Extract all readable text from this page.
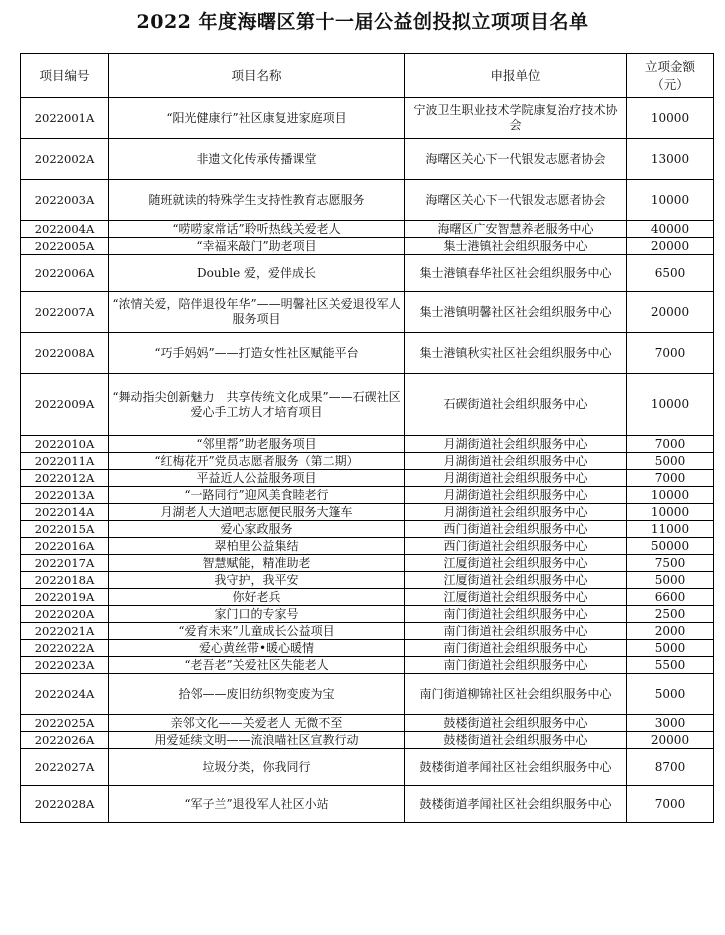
2022 年度海曙区第十一届公益创投拟立项项目名单
项目编号	项目名称	申报单位	立项金额
（元）
2022001A	“阳光健康行”社区康复进家庭项目	宁波卫生职业技术学院康复治疗技术协会	10000
2022002A	非遗文化传承传播课堂	海曙区关心下一代银发志愿者协会	13000
2022003A	随班就读的特殊学生支持性教育志愿服务	海曙区关心下一代银发志愿者协会	10000
2022004A	“唠唠家常话”聆听热线关爱老人	海曙区广安智慧养老服务中心	40000
2022005A	“幸福来敲门”助老项目	集士港镇社会组织服务中心	20000
2022006A	Double 爱，爱伴成长	集士港镇春华社区社会组织服务中心	6500
2022007A	“浓情关爱，陪伴退役年华”——明馨社区关爱退役军人服务项目	集士港镇明馨社区社会组织服务中心	20000
2022008A	“巧手妈妈”——打造女性社区赋能平台	集士港镇秋实社区社会组织服务中心	7000
2022009A	“舞动指尖创新魅力　共享传统文化成果”——石碶社区爱心手工坊人才培育项目	石碶街道社会组织服务中心	10000
2022010A	“邻里帮”助老服务项目	月湖街道社会组织服务中心	7000
2022011A	“红梅花开”党员志愿者服务（第二期）	月湖街道社会组织服务中心	5000
2022012A	平益近人公益服务项目	月湖街道社会组织服务中心	7000
2022013A	“一路同行”迎风美食睦老行	月湖街道社会组织服务中心	10000
2022014A	月湖老人大道吧志愿便民服务大篷车	月湖街道社会组织服务中心	10000
2022015A	爱心家政服务	西门街道社会组织服务中心	11000
2022016A	翠柏里公益集结	西门街道社会组织服务中心	50000
2022017A	智慧赋能，精准助老	江厦街道社会组织服务中心	7500
2022018A	我守护，我平安	江厦街道社会组织服务中心	5000
2022019A	你好老兵	江厦街道社会组织服务中心	6600
2022020A	家门口的专家号	南门街道社会组织服务中心	2500
2022021A	“爱育未来”儿童成长公益项目	南门街道社会组织服务中心	2000
2022022A	爱心黄丝带•暖心暖情	南门街道社会组织服务中心	5000
2022023A	“老吾老”关爱社区失能老人	南门街道社会组织服务中心	5500
2022024A	拾邻——废旧纺织物变废为宝	南门街道柳锦社区社会组织服务中心	5000
2022025A	亲邻文化——关爱老人 无微不至	鼓楼街道社会组织服务中心	3000
2022026A	用爱延续文明——流浪喵社区宣教行动	鼓楼街道社会组织服务中心	20000
2022027A	垃圾分类，你我同行	鼓楼街道孝闻社区社会组织服务中心	8700
2022028A	“军子兰”退役军人社区小站	鼓楼街道孝闻社区社会组织服务中心	7000
